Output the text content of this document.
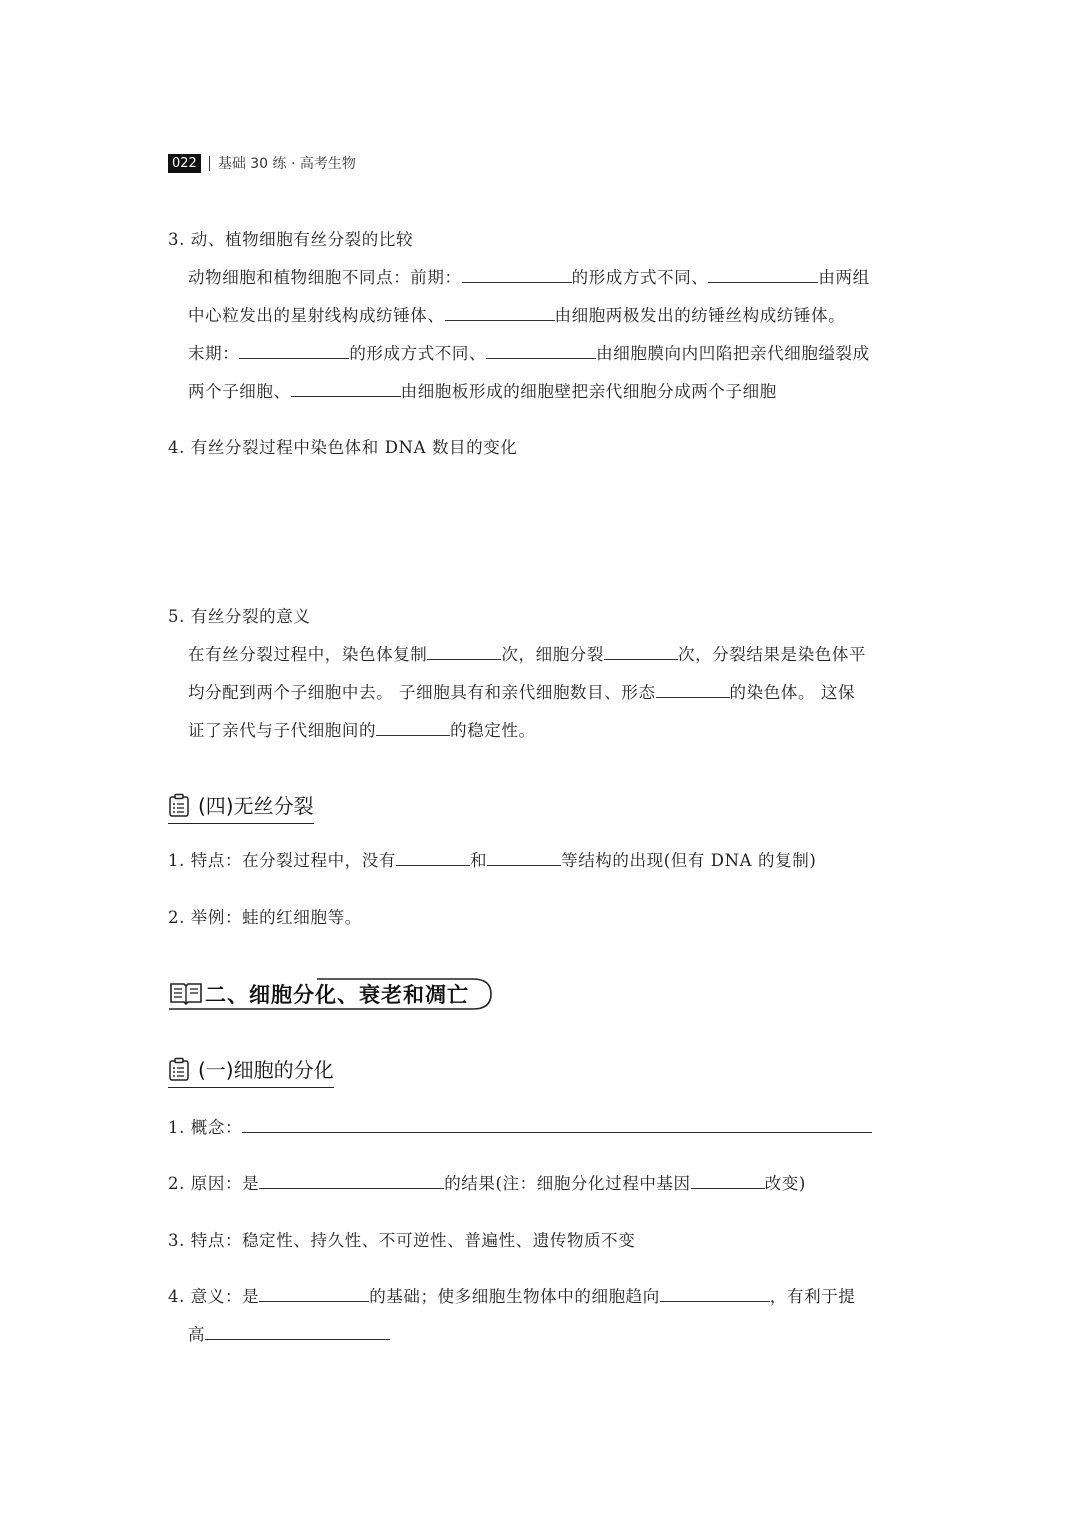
022 基础 30 练 · 高考生物
3. 动、植物细胞有丝分裂的比较
动物细胞和植物细胞不同点：前期：	的形成方式不同、	由两组
中心粒发出的星射线构成纺锤体、	由细胞两极发出的纺锤丝构成纺锤体。
末期：	的形成方式不同、	由细胞膜向内凹陷把亲代细胞缢裂成
两个子细胞、	由细胞板形成的细胞壁把亲代细胞分成两个子细胞
4. 有丝分裂过程中染色体和 DNA 数目的变化
5. 有丝分裂的意义
在有丝分裂过程中，染色体复制	次，细胞分裂	次，分裂结果是染色体平
均分配到两个子细胞中去。 子细胞具有和亲代细胞数目、形态	的染色体。 这保
证了亲代与子代细胞间的	的稳定性。
(四)无丝分裂
1. 特点：在分裂过程中，没有	和	等结构的出现(但有 DNA 的复制)
2. 举例：蛙的红细胞等。
二、细胞分化、衰老和凋亡
(一)细胞的分化
1. 概念：
2. 原因：是	的结果(注：细胞分化过程中基因	改变)
3. 特点：稳定性、持久性、不可逆性、普遍性、遗传物质不变
4. 意义：是	的基础；使多细胞生物体中的细胞趋向	，有利于提
高
